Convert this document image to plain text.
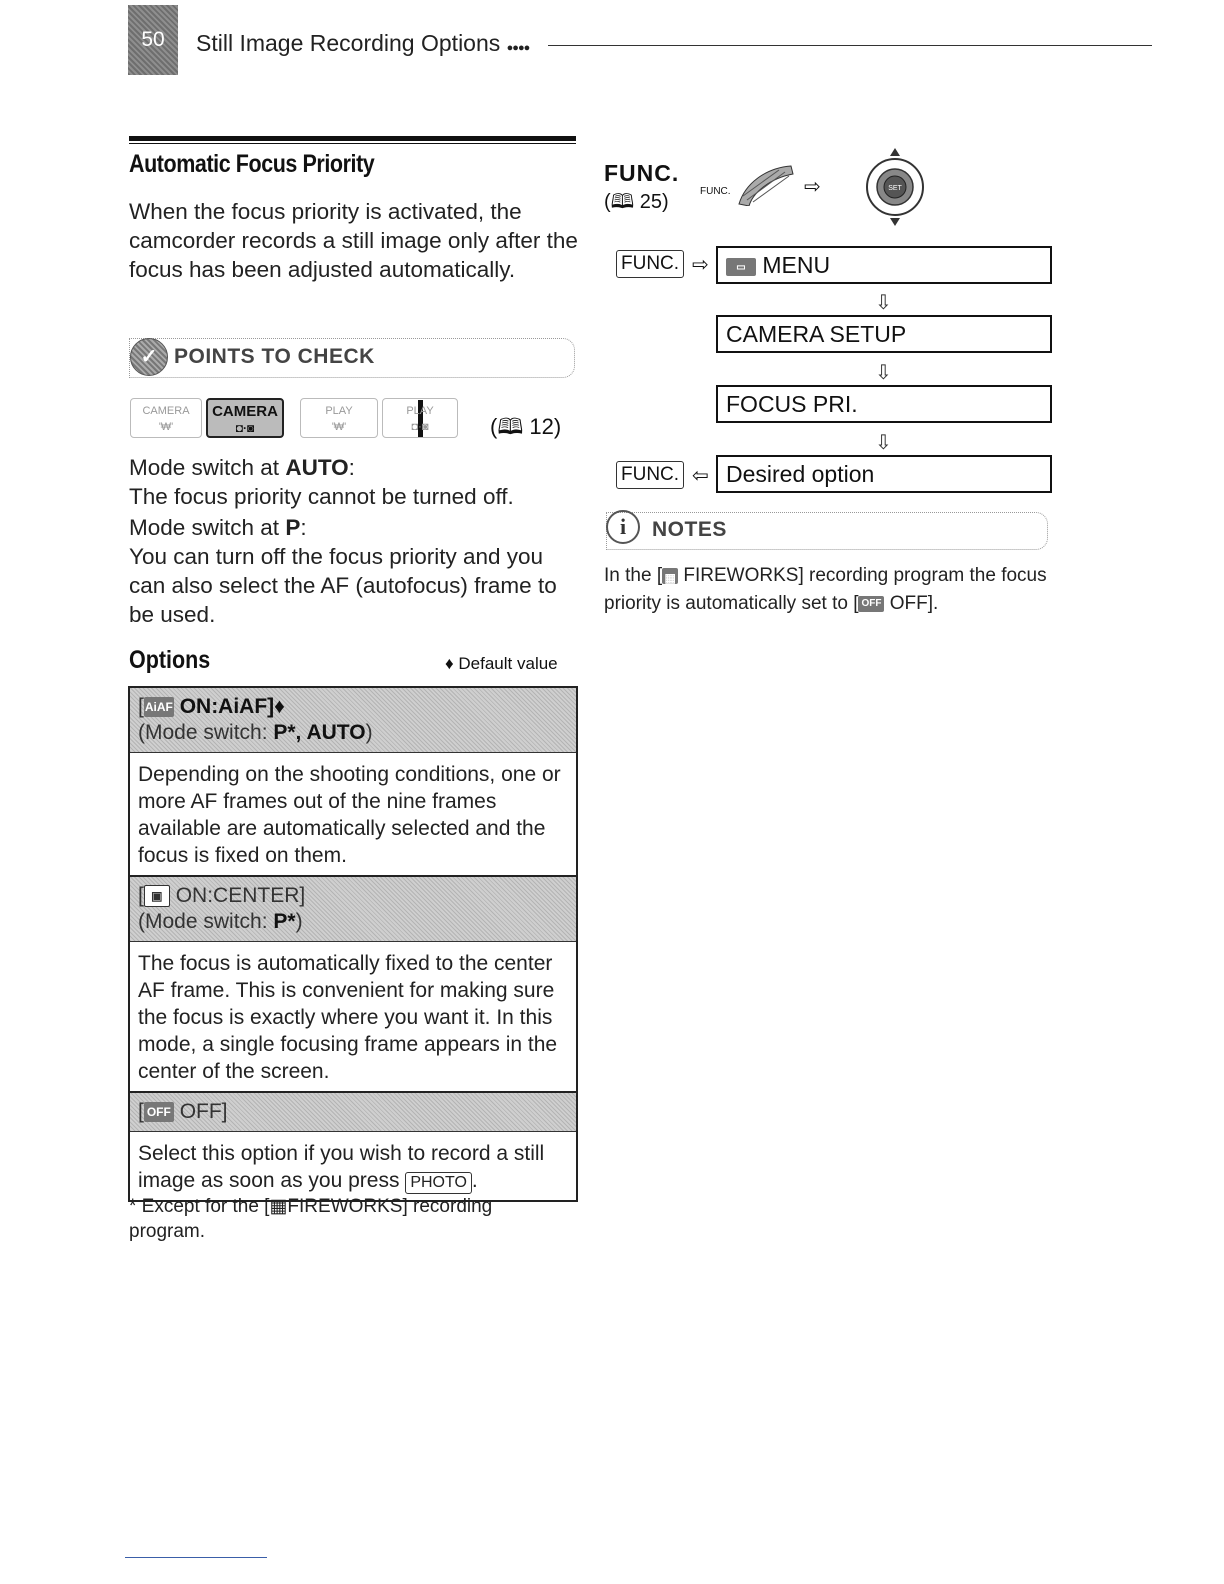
50	Still Image Recording Options ●●●●
Automatic Focus Priority
When the focus priority is activated, the camcorder records a still image only after the focus has been adjusted automatically.
✓ POINTS TO CHECK
CAMERA
'₩'
CAMERA
◘·◙
PLAY
'₩'
PLAY
◘·◙	(🕮 12)
Mode switch at AUTO:
The focus priority cannot be turned off.
Mode switch at P:
You can turn off the focus priority and you can also select the AF (autofocus) frame to be used.
Options	♦ Default value
[AiAF ON:AiAF]♦
(Mode switch: P*, AUTO)
Depending on the shooting conditions, one or more AF frames out of the nine frames available are automatically selected and the focus is fixed on them.
[ ▣ ON:CENTER]
(Mode switch: P*)
The focus is automatically fixed to the center AF frame. This is convenient for making sure the focus is exactly where you want it. In this mode, a single focusing frame appears in the center of the screen.
[ OFF OFF]
Select this option if you wish to record a still image as soon as you press PHOTO .
* Except for the [▦FIREWORKS] recording program.
FUNC.
(🕮 25)	FUNC.	⇨	SET
FUNC. ⇨	▭ MENU
⇩
CAMERA SETUP
⇩
FOCUS PRI.
⇩
FUNC. ⇦ Desired option
i	NOTES
In the [ ▦ FIREWORKS] recording program the focus priority is automatically set to [ OFF OFF].
